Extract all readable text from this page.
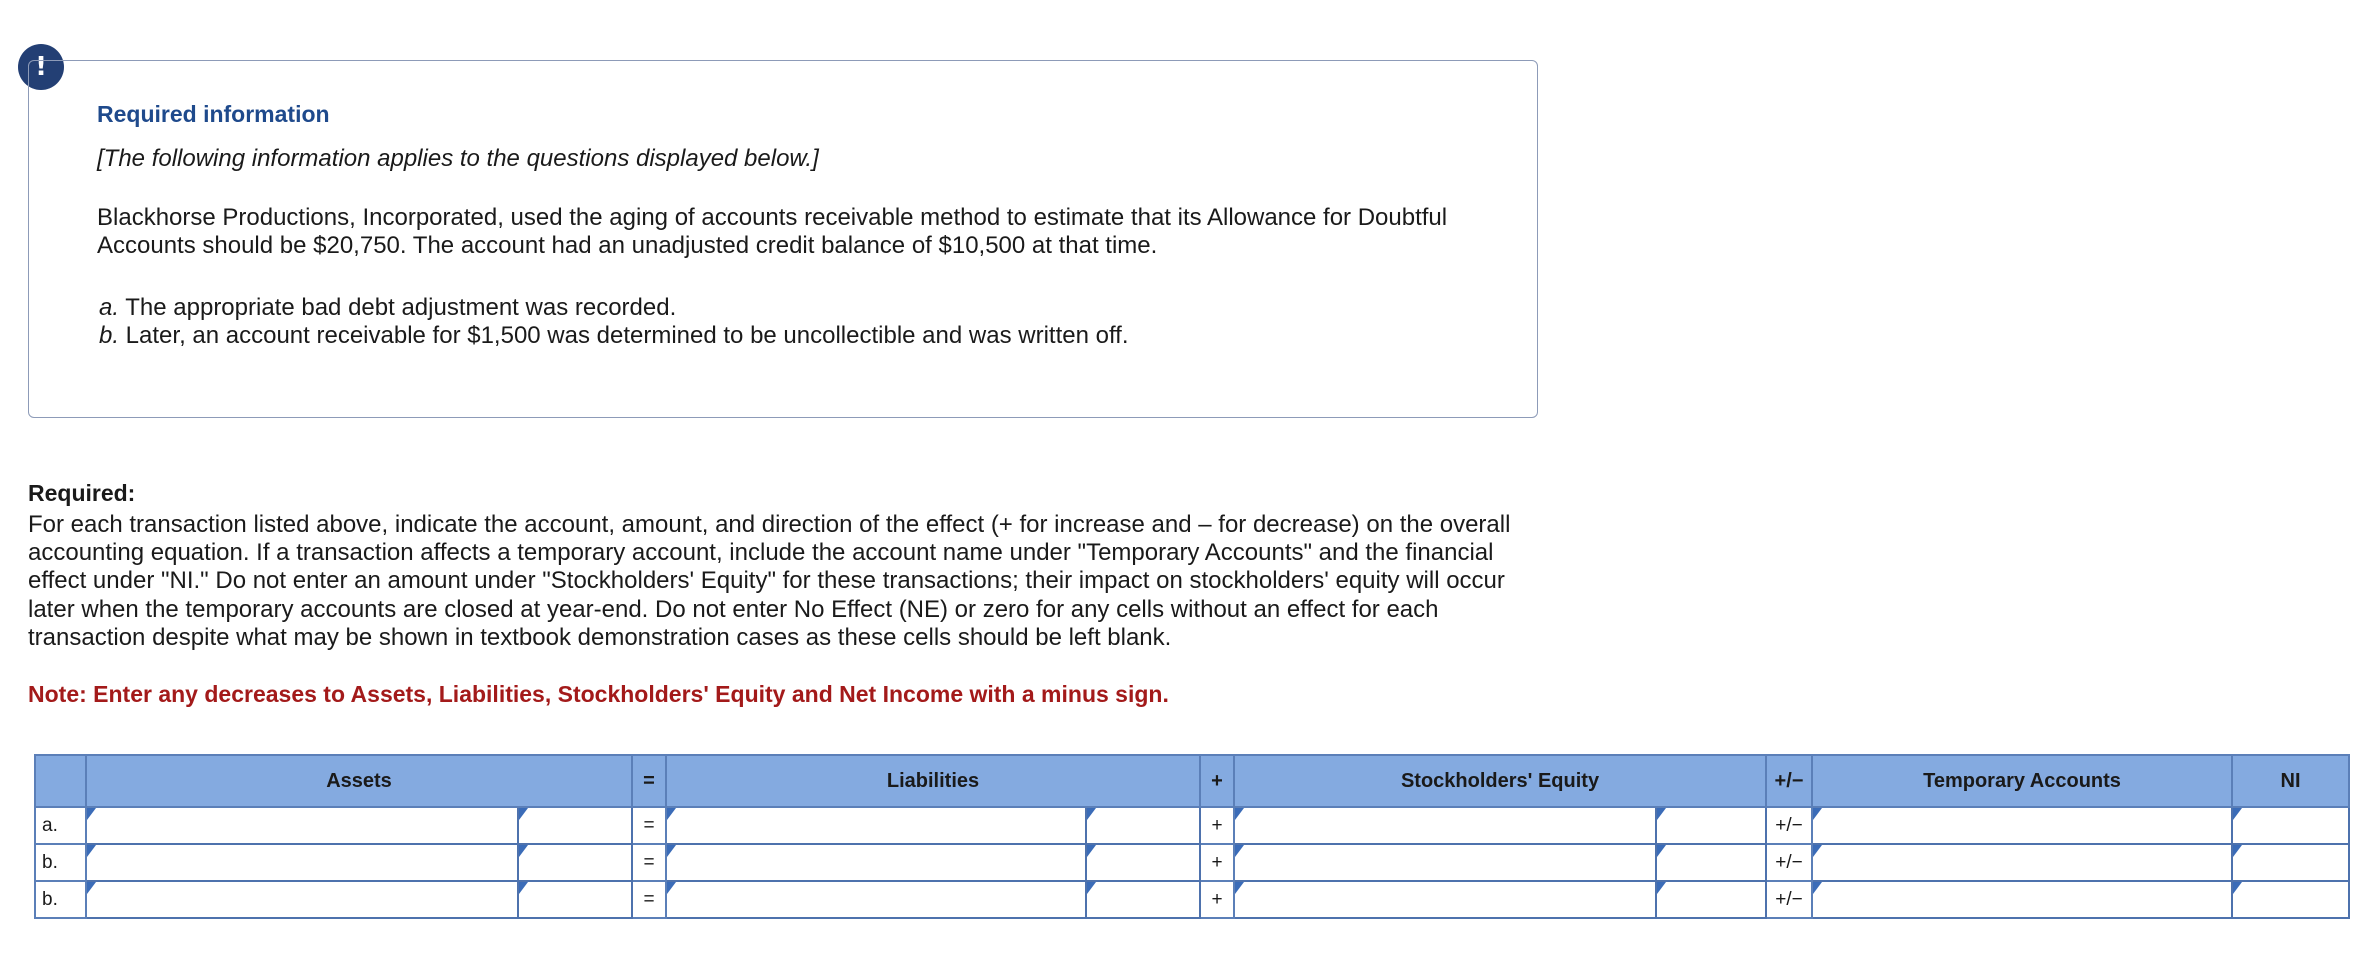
!
Required information

[The following information applies to the questions displayed below.]

Blackhorse Productions, Incorporated, used the aging of accounts receivable method to estimate that its Allowance for Doubtful Accounts should be $20,750. The account had an unadjusted credit balance of $10,500 at that time.

a. The appropriate bad debt adjustment was recorded.
b. Later, an account receivable for $1,500 was determined to be uncollectible and was written off.
Required:

For each transaction listed above, indicate the account, amount, and direction of the effect (+ for increase and – for decrease) on the overall accounting equation. If a transaction affects a temporary account, include the account name under "Temporary Accounts" and the financial effect under "NI." Do not enter an amount under "Stockholders' Equity" for these transactions; their impact on stockholders' equity will occur later when the temporary accounts are closed at year-end. Do not enter No Effect (NE) or zero for any cells without an effect for each transaction despite what may be shown in textbook demonstration cases as these cells should be left blank.

Note: Enter any decreases to Assets, Liabilities, Stockholders' Equity and Net Income with a minus sign.

	Assets		=	Liabilities		+	Stockholders' Equity		+/−	Temporary Accounts	NI
a.			=			+			+/−		
b.			=			+			+/−		
b.			=			+			+/−		
